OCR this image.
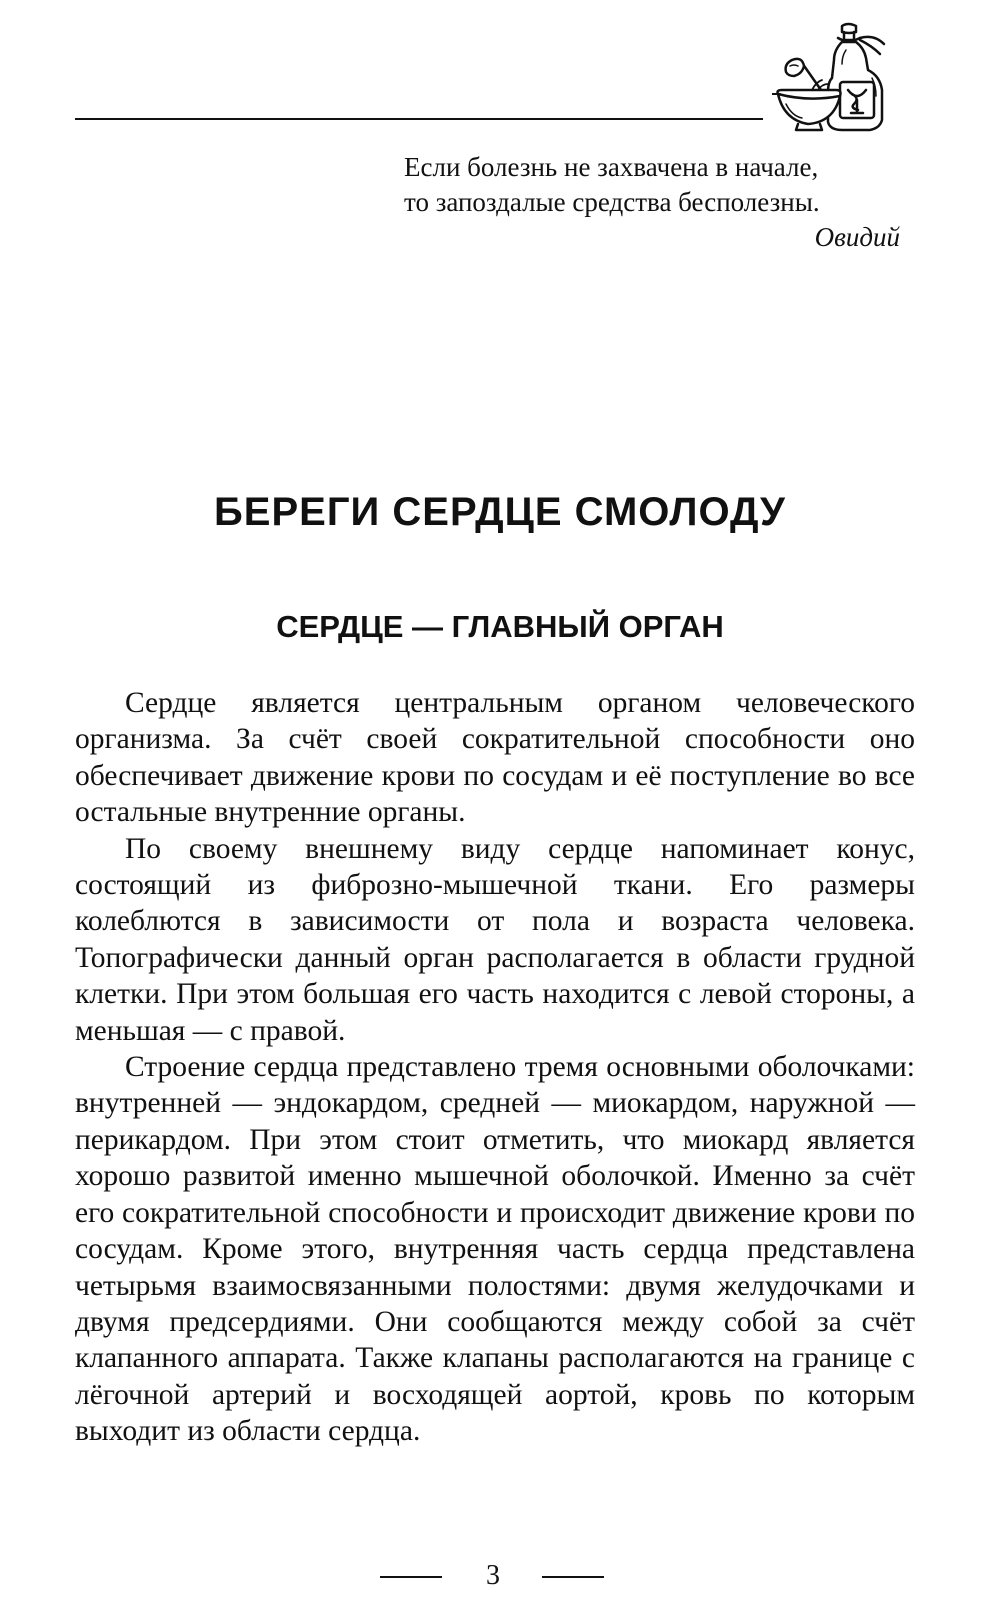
Если болезнь не захвачена в начале,
то запоздалые средства бесполезны.
Овидий
БЕРЕГИ СЕРДЦЕ СМОЛОДУ
СЕРДЦЕ — ГЛАВНЫЙ ОРГАН

Сердце является центральным органом человеческого организма. За счёт своей сократительной способности оно обеспечивает движение крови по сосудам и её поступление во все остальные внутренние органы.

По своему внешнему виду сердце напоминает конус, состоящий из фиброзно-мышечной ткани. Его размеры колеблются в зависимости от пола и возраста человека. Топографически данный орган располагается в области грудной клетки. При этом большая его часть находится с левой стороны, а меньшая — с правой.

Строение сердца представлено тремя основными оболочками: внутренней — эндокардом, средней — миокардом, наружной — перикардом. При этом стоит отметить, что миокард является хорошо развитой именно мышечной оболочкой. Именно за счёт его сократительной способности и происходит движение крови по сосудам. Кроме этого, внутренняя часть сердца представлена четырьмя взаимосвязанными полостями: двумя желудочками и двумя предсердиями. Они сообщаются между собой за счёт клапанного аппарата. Также клапаны располагаются на границе с лёгочной артерий и восходящей аортой, кровь по которым выходит из области сердца.

3
